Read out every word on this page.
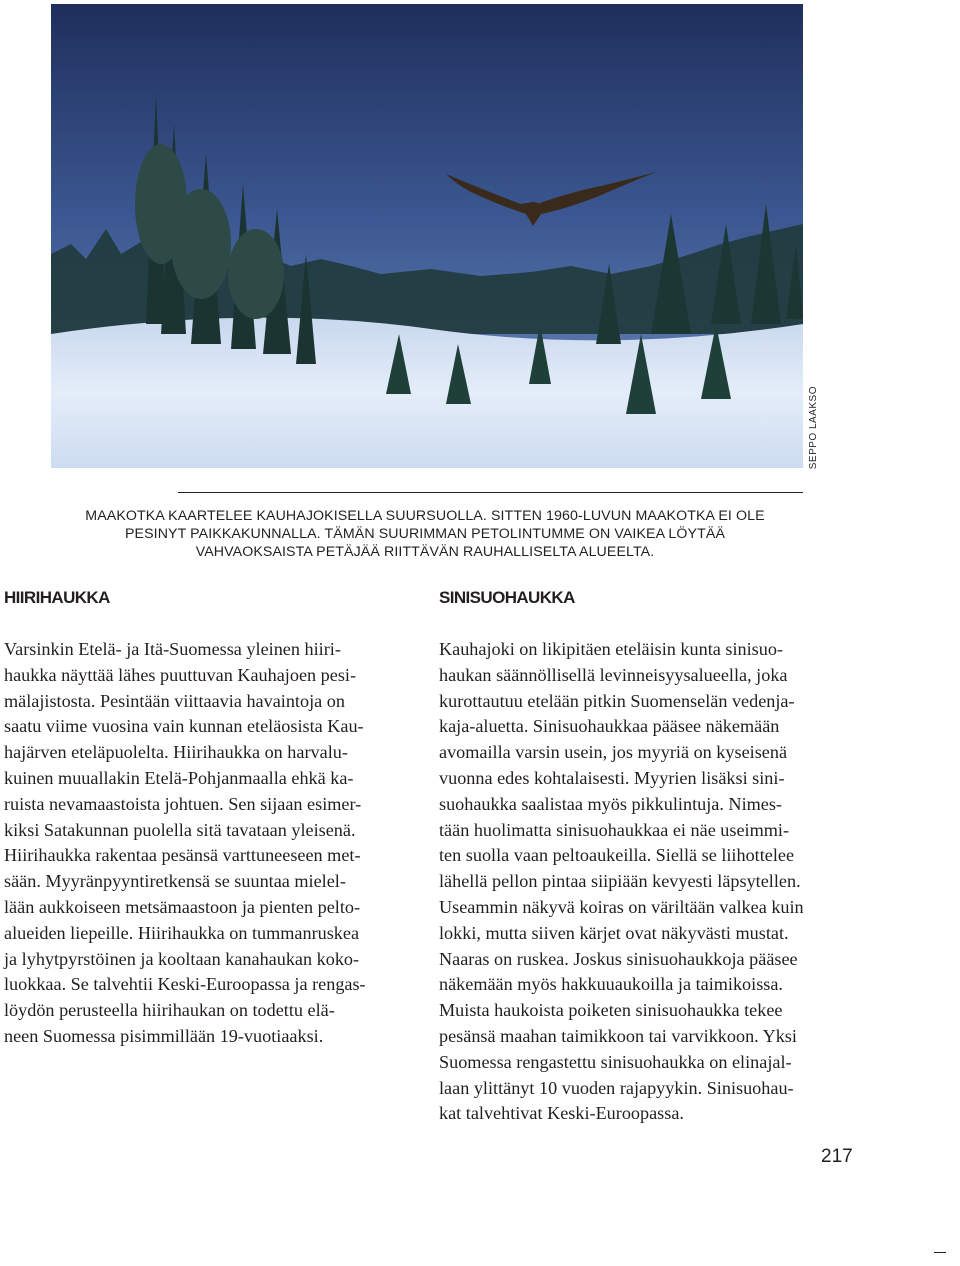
SEPPO LAAKSO
MAAKOTKA KAARTELEE KAUHAJOKISELLA SUURSUOLLA. SITTEN 1960-LUVUN MAAKOTKA EI OLE
PESINYT PAIKKAKUNNALLA. TÄMÄN SUURIMMAN PETOLINTUMME ON VAIKEA LÖYTÄÄ
VAHVAOKSAISTA PETÄJÄÄ RIITTÄVÄN RAUHALLISELTA ALUEELTA.
HIIRIHAUKKA	SINISUOHAUKKA
Varsinkin Etelä- ja Itä-Suomessa yleinen hiiri-
haukka näyttää lähes puuttuvan Kauhajoen pesi-
mälajistosta. Pesintään viittaavia havaintoja on
saatu viime vuosina vain kunnan eteläosista Kau-
hajärven eteläpuolelta. Hiirihaukka on harvalu-
kuinen muuallakin Etelä-Pohjanmaalla ehkä ka-
ruista nevamaastoista johtuen. Sen sijaan esimer-
kiksi Satakunnan puolella sitä tavataan yleisenä.
Hiirihaukka rakentaa pesänsä varttuneeseen met-
sään. Myyränpyyntiretkensä se suuntaa mielel-
lään aukkoiseen metsämaastoon ja pienten pelto-
alueiden liepeille. Hiirihaukka on tummanruskea
ja lyhytpyrstöinen ja kooltaan kanahaukan koko-
luokkaa. Se talvehtii Keski-Euroopassa ja rengas-
löydön perusteella hiirihaukan on todettu elä-
neen Suomessa pisimmillään 19-vuotiaaksi.
Kauhajoki on likipitäen eteläisin kunta sinisuo-
haukan säännöllisellä levinneisyysalueella, joka
kurottautuu etelään pitkin Suomenselän vedenja-
kaja-aluetta. Sinisuohaukkaa pääsee näkemään
avomailla varsin usein, jos myyriä on kyseisenä
vuonna edes kohtalaisesti. Myyrien lisäksi sini-
suohaukka saalistaa myös pikkulintuja. Nimes-
tään huolimatta sinisuohaukkaa ei näe useimmi-
ten suolla vaan peltoaukeilla. Siellä se liihottelee
lähellä pellon pintaa siipiään kevyesti läpsytellen.
Useammin näkyvä koiras on väriltään valkea kuin
lokki, mutta siiven kärjet ovat näkyvästi mustat.
Naaras on ruskea. Joskus sinisuohaukkoja pääsee
näkemään myös hakkuuaukoilla ja taimikoissa.
Muista haukoista poiketen sinisuohaukka tekee
pesänsä maahan taimikkoon tai varvikkoon. Yksi
Suomessa rengastettu sinisuohaukka on elinajal-
laan ylittänyt 10 vuoden rajapyykin. Sinisuohau-
kat talvehtivat Keski-Euroopassa.
217
